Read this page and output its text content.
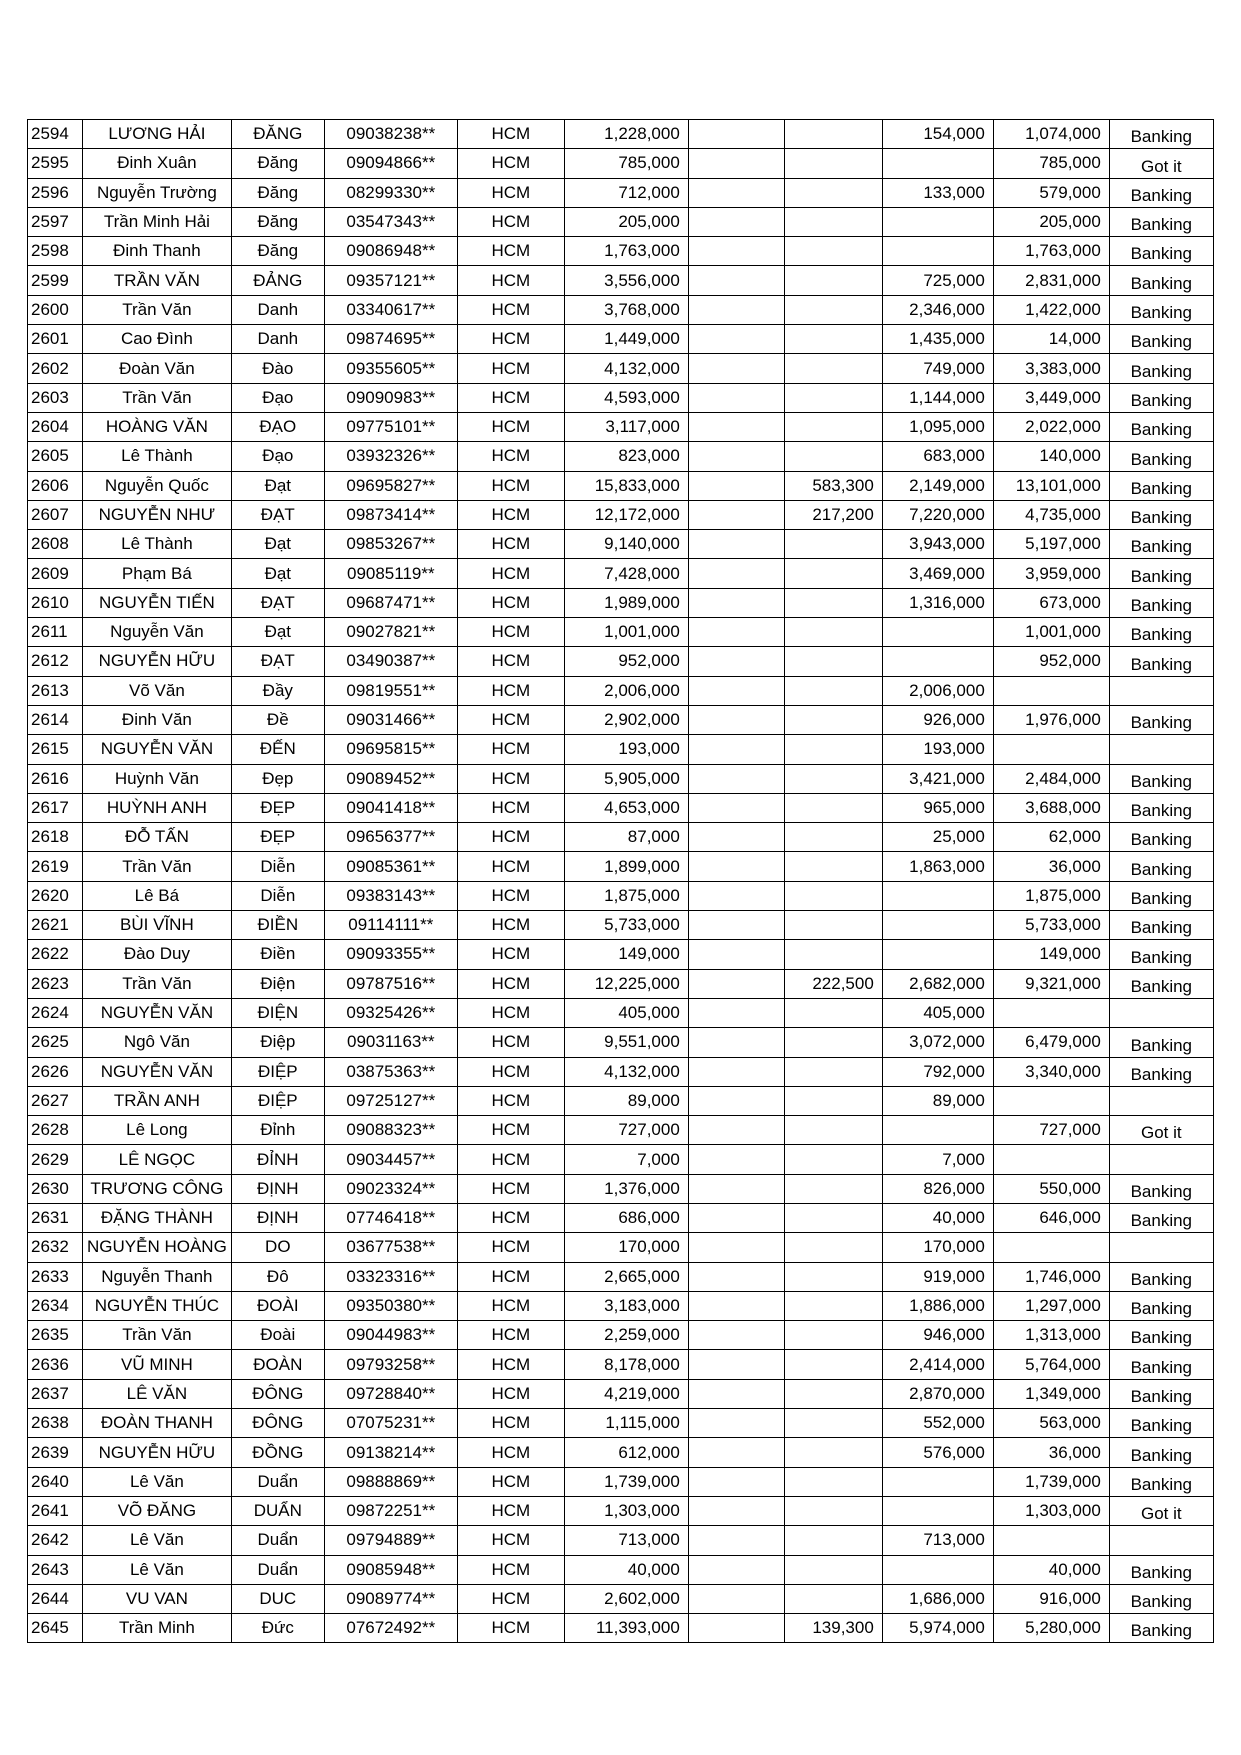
2594	LƯƠNG HẢI	ĐĂNG	09038238**	HCM	1,228,000			154,000	1,074,000	Banking
2595	Đinh Xuân	Đăng	09094866**	HCM	785,000				785,000	Got it
2596	Nguyễn Trường	Đăng	08299330**	HCM	712,000			133,000	579,000	Banking
2597	Trần Minh Hải	Đăng	03547343**	HCM	205,000				205,000	Banking
2598	Đinh Thanh	Đăng	09086948**	HCM	1,763,000				1,763,000	Banking
2599	TRẦN VĂN	ĐẢNG	09357121**	HCM	3,556,000			725,000	2,831,000	Banking
2600	Trần Văn	Danh	03340617**	HCM	3,768,000			2,346,000	1,422,000	Banking
2601	Cao Đình	Danh	09874695**	HCM	1,449,000			1,435,000	14,000	Banking
2602	Đoàn Văn	Đào	09355605**	HCM	4,132,000			749,000	3,383,000	Banking
2603	Trần Văn	Đạo	09090983**	HCM	4,593,000			1,144,000	3,449,000	Banking
2604	HOÀNG VĂN	ĐẠO	09775101**	HCM	3,117,000			1,095,000	2,022,000	Banking
2605	Lê Thành	Đạo	03932326**	HCM	823,000			683,000	140,000	Banking
2606	Nguyễn Quốc	Đạt	09695827**	HCM	15,833,000		583,300	2,149,000	13,101,000	Banking
2607	NGUYỄN NHƯ	ĐẠT	09873414**	HCM	12,172,000		217,200	7,220,000	4,735,000	Banking
2608	Lê Thành	Đạt	09853267**	HCM	9,140,000			3,943,000	5,197,000	Banking
2609	Phạm Bá	Đạt	09085119**	HCM	7,428,000			3,469,000	3,959,000	Banking
2610	NGUYỄN TIẾN	ĐẠT	09687471**	HCM	1,989,000			1,316,000	673,000	Banking
2611	Nguyễn Văn	Đạt	09027821**	HCM	1,001,000				1,001,000	Banking
2612	NGUYỄN HỮU	ĐẠT	03490387**	HCM	952,000				952,000	Banking
2613	Võ Văn	Đầy	09819551**	HCM	2,006,000			2,006,000		
2614	Đinh Văn	Đề	09031466**	HCM	2,902,000			926,000	1,976,000	Banking
2615	NGUYỄN VĂN	ĐẾN	09695815**	HCM	193,000			193,000		
2616	Huỳnh Văn	Đẹp	09089452**	HCM	5,905,000			3,421,000	2,484,000	Banking
2617	HUỲNH ANH	ĐẸP	09041418**	HCM	4,653,000			965,000	3,688,000	Banking
2618	ĐỖ TẤN	ĐẸP	09656377**	HCM	87,000			25,000	62,000	Banking
2619	Trần Văn	Diễn	09085361**	HCM	1,899,000			1,863,000	36,000	Banking
2620	Lê Bá	Diễn	09383143**	HCM	1,875,000				1,875,000	Banking
2621	BÙI VĨNH	ĐIỀN	09114111**	HCM	5,733,000				5,733,000	Banking
2622	Đào Duy	Điền	09093355**	HCM	149,000				149,000	Banking
2623	Trần Văn	Điện	09787516**	HCM	12,225,000		222,500	2,682,000	9,321,000	Banking
2624	NGUYỄN VĂN	ĐIỆN	09325426**	HCM	405,000			405,000		
2625	Ngô Văn	Điệp	09031163**	HCM	9,551,000			3,072,000	6,479,000	Banking
2626	NGUYỄN VĂN	ĐIỆP	03875363**	HCM	4,132,000			792,000	3,340,000	Banking
2627	TRẦN ANH	ĐIỆP	09725127**	HCM	89,000			89,000		
2628	Lê Long	Đỉnh	09088323**	HCM	727,000				727,000	Got it
2629	LÊ NGỌC	ĐỈNH	09034457**	HCM	7,000			7,000		
2630	TRƯƠNG CÔNG	ĐỊNH	09023324**	HCM	1,376,000			826,000	550,000	Banking
2631	ĐẶNG THÀNH	ĐỊNH	07746418**	HCM	686,000			40,000	646,000	Banking
2632	NGUYỄN HOÀNG	DO	03677538**	HCM	170,000			170,000		
2633	Nguyễn Thanh	Đô	03323316**	HCM	2,665,000			919,000	1,746,000	Banking
2634	NGUYỄN THÚC	ĐOÀI	09350380**	HCM	3,183,000			1,886,000	1,297,000	Banking
2635	Trần Văn	Đoài	09044983**	HCM	2,259,000			946,000	1,313,000	Banking
2636	VŨ MINH	ĐOÀN	09793258**	HCM	8,178,000			2,414,000	5,764,000	Banking
2637	LÊ VĂN	ĐÔNG	09728840**	HCM	4,219,000			2,870,000	1,349,000	Banking
2638	ĐOÀN THANH	ĐÔNG	07075231**	HCM	1,115,000			552,000	563,000	Banking
2639	NGUYỄN HỮU	ĐỒNG	09138214**	HCM	612,000			576,000	36,000	Banking
2640	Lê Văn	Duẩn	09888869**	HCM	1,739,000				1,739,000	Banking
2641	VÕ ĐĂNG	DUẨN	09872251**	HCM	1,303,000				1,303,000	Got it
2642	Lê Văn	Duẩn	09794889**	HCM	713,000			713,000		
2643	Lê Văn	Duẩn	09085948**	HCM	40,000				40,000	Banking
2644	VU VAN	DUC	09089774**	HCM	2,602,000			1,686,000	916,000	Banking
2645	Trần Minh	Đức	07672492**	HCM	11,393,000		139,300	5,974,000	5,280,000	Banking
